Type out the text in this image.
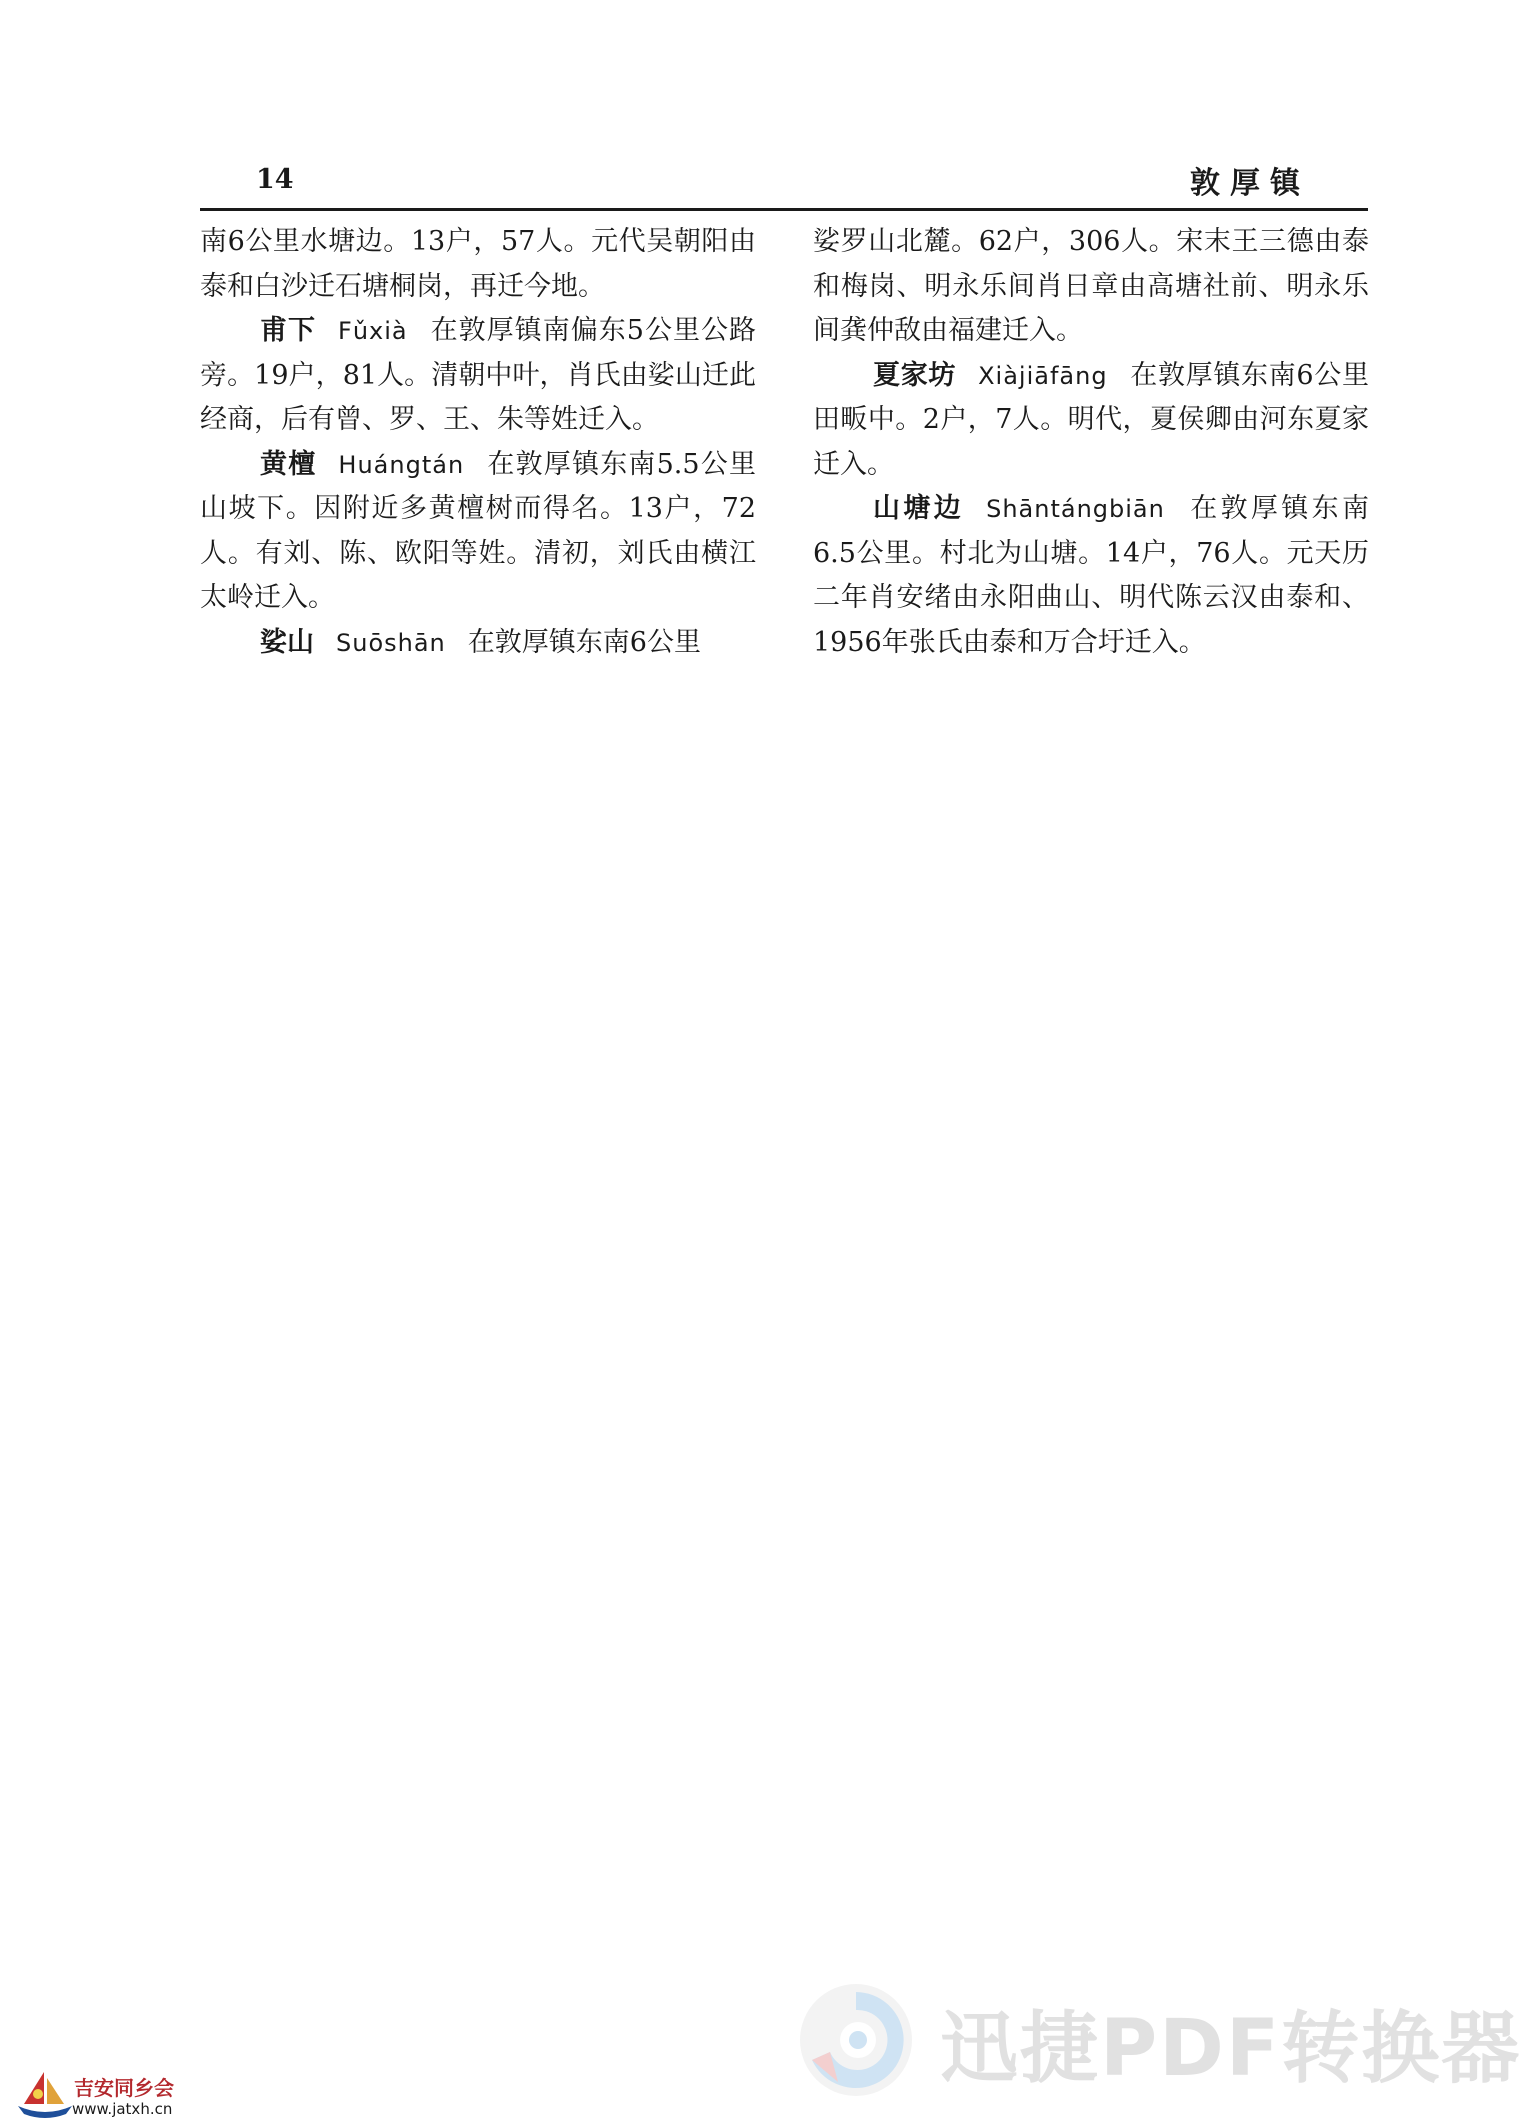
14	敦厚镇

南6公里水塘边。13户，57人。元代吴朝阳由泰和白沙迁石塘桐岗，再迁今地。

甫下 Fǔxià 在敦厚镇南偏东5公里公路旁。19户，81人。清朝中叶，肖氏由娑山迁此经商，后有曾、罗、王、朱等姓迁入。

黄檀 Huángtán 在敦厚镇东南5.5公里山坡下。因附近多黄檀树而得名。13户，72人。有刘、陈、欧阳等姓。清初，刘氏由横江太岭迁入。

娑山 Suōshān 在敦厚镇东南6公里

娑罗山北麓。62户，306人。宋末王三德由泰和梅岗、明永乐间肖日章由高塘社前、明永乐间龚仲敌由福建迁入。

夏家坊 Xiàjiāfāng 在敦厚镇东南6公里田畈中。2户，7人。明代，夏侯卿由河东夏家迁入。

山塘边 Shāntángbiān 在敦厚镇东南6.5公里。村北为山塘。14户，76人。元天历二年肖安绪由永阳曲山、明代陈云汉由泰和、1956年张氏由泰和万合圩迁入。

迅捷PDF转换器
吉安同乡会
www.jatxh.cn
